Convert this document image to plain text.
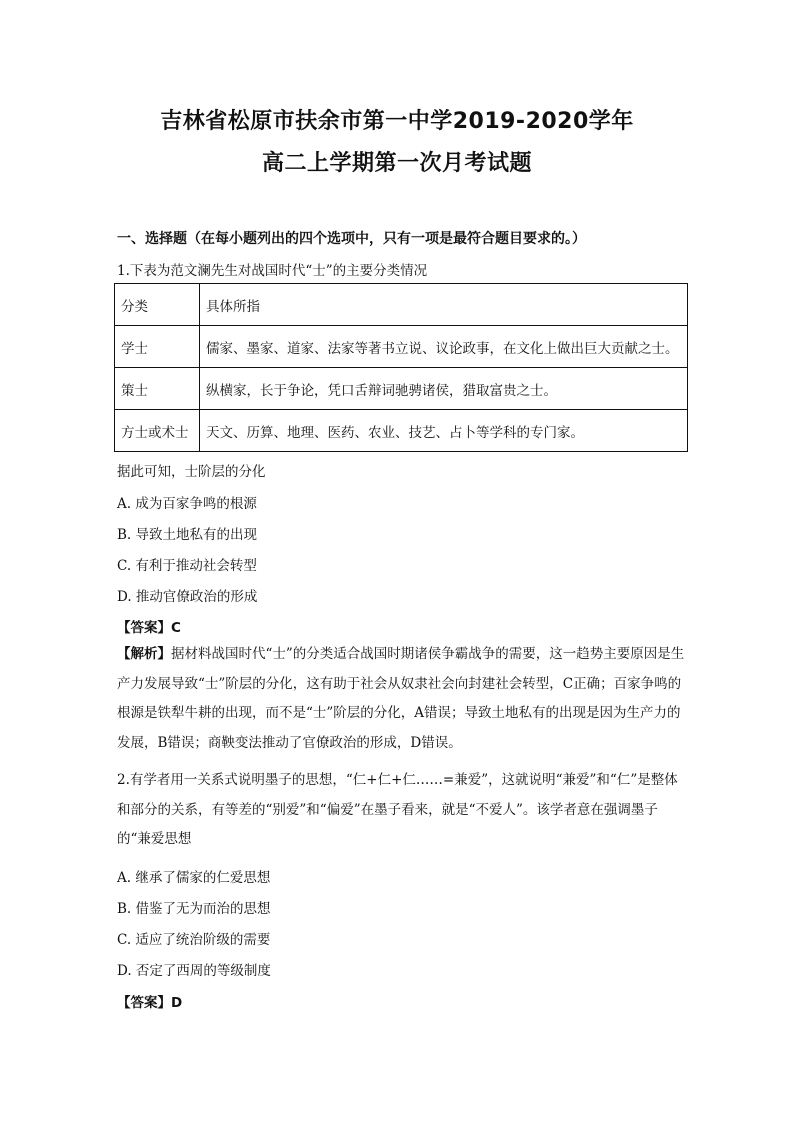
吉林省松原市扶余市第一中学2019-2020学年
高二上学期第一次月考试题
一、选择题（在每小题列出的四个选项中，只有一项是最符合题目要求的。）
1.下表为范文澜先生对战国时代“士”的主要分类情况
分类	具体所指
学士	儒家、墨家、道家、法家等著书立说、议论政事，在文化上做出巨大贡献之士。
策士	纵横家，长于争论，凭口舌辩词驰骋诸侯，猎取富贵之士。
方士或术士	天文、历算、地理、医药、农业、技艺、占卜等学科的专门家。
据此可知，士阶层的分化
A. 成为百家争鸣的根源
B. 导致土地私有的出现
C. 有利于推动社会转型
D. 推动官僚政治的形成
【答案】C
【解析】据材料战国时代“士”的分类适合战国时期诸侯争霸战争的需要，这一趋势主要原因是生产力发展导致“士”阶层的分化，这有助于社会从奴隶社会向封建社会转型，C正确；百家争鸣的根源是铁犁牛耕的出现，而不是“士”阶层的分化，A错误；导致土地私有的出现是因为生产力的发展，B错误；商鞅变法推动了官僚政治的形成，D错误。
2.有学者用一关系式说明墨子的思想，“仁+仁+仁……=兼爱”，这就说明“兼爱”和“仁”是整体和部分的关系，有等差的“别爱”和“偏爱”在墨子看来，就是“不爱人”。该学者意在强调墨子的“兼爱思想
A. 继承了儒家的仁爱思想
B. 借鉴了无为而治的思想
C. 适应了统治阶级的需要
D. 否定了西周的等级制度
【答案】D
